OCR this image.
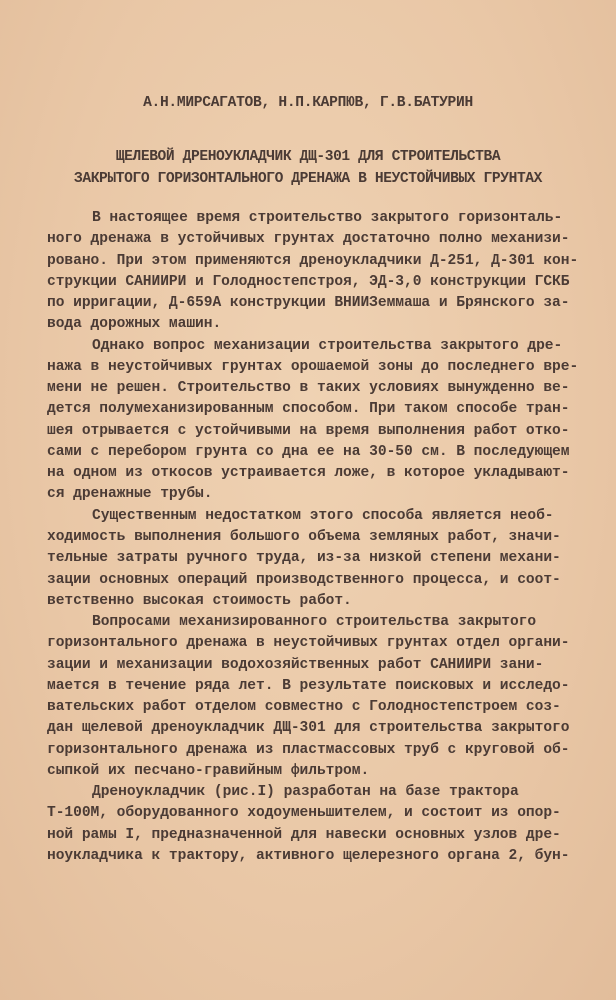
А.Н.МИРСАГАТОВ, Н.П.КАРПЮВ, Г.В.БАТУРИН
ЩЕЛЕВОЙ ДРЕНОУКЛАДЧИК ДЩ-301 ДЛЯ СТРОИТЕЛЬСТВА
ЗАКРЫТОГО ГОРИЗОНТАЛЬНОГО ДРЕНАЖА В НЕУСТОЙЧИВЫХ ГРУНТАХ
В настоящее время строительство закрытого горизонталь-
ного дренажа в устойчивых грунтах достаточно полно механизи-
ровано. При этом применяются дреноукладчики Д-251, Д-301 кон-
струкции САНИИРИ и Голодностепстроя, ЭД-3,0 конструкции ГСКБ
по ирригации, Д-659А конструкции ВНИИЗеммаша и Брянского за-
вода дорожных машин.
Однако вопрос механизации строительства закрытого дре-
нажа в неустойчивых грунтах орошаемой зоны до последнего вре-
мени не решен. Строительство в таких условиях вынужденно ве-
дется полумеханизированным способом. При таком способе тран-
шея отрывается с устойчивыми на время выполнения работ отко-
сами с перебором грунта со дна ее на 30-50 см. В последующем
на одном из откосов устраивается ложе, в которое укладывают-
ся дренажные трубы.
Существенным недостатком этого способа является необ-
ходимость выполнения большого объема земляных работ, значи-
тельные затраты ручного труда, из-за низкой степени механи-
зации основных операций производственного процесса, и соот-
ветственно высокая стоимость работ.
Вопросами механизированного строительства закрытого
горизонтального дренажа в неустойчивых грунтах отдел органи-
зации и механизации водохозяйственных работ САНИИРИ зани-
мается в течение ряда лет. В результате поисковых и исследо-
вательских работ отделом совместно с Голодностепстроем соз-
дан щелевой дреноукладчик ДЩ-301 для строительства закрытого
горизонтального дренажа из пластмассовых труб с круговой об-
сыпкой их песчано-гравийным фильтром.
Дреноукладчик (рис.I) разработан на базе трактора
Т-100М, оборудованного ходоуменьшителем, и состоит из опор-
ной рамы I, предназначенной для навески основных узлов дре-
ноукладчика к трактору, активного щелерезного органа 2, бун-
